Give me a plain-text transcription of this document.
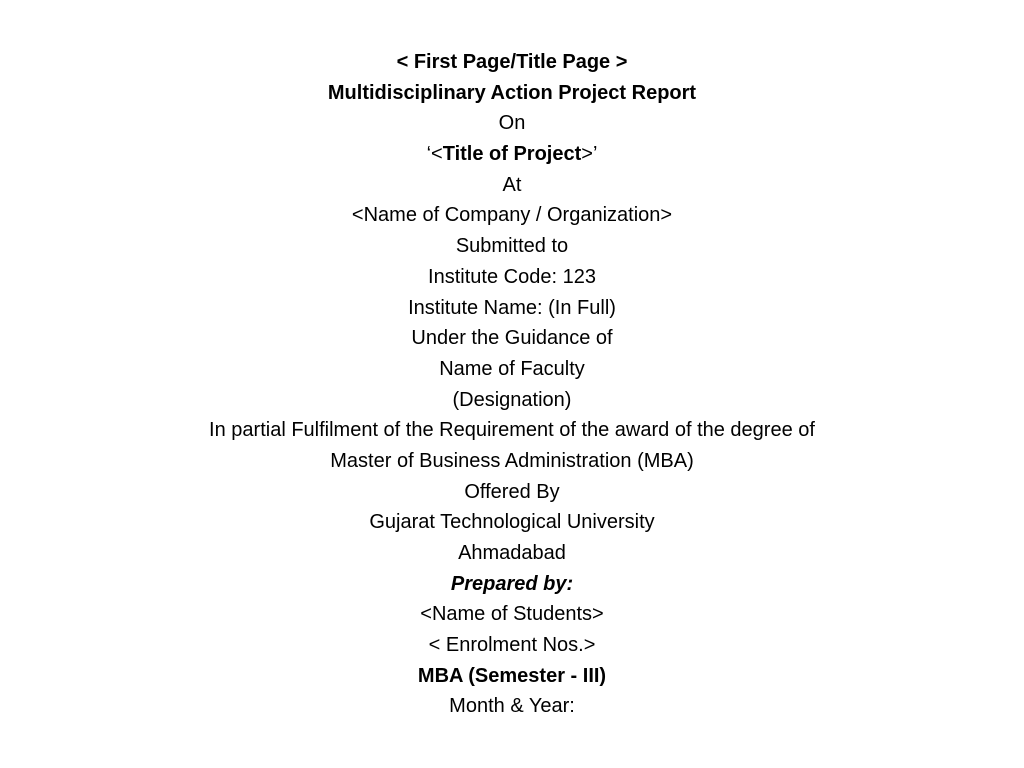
< First Page/Title Page >
Multidisciplinary Action Project Report
On
‘<Title of Project>’
At
<Name of Company / Organization>
Submitted to
Institute Code: 123
Institute Name: (In Full)
Under the Guidance of
Name of Faculty
(Designation)
In partial Fulfilment of the Requirement of the award of the degree of
Master of Business Administration (MBA)
Offered By
Gujarat Technological University
Ahmadabad
Prepared by:
<Name of Students>
< Enrolment Nos.>
MBA (Semester - III)
Month & Year:
